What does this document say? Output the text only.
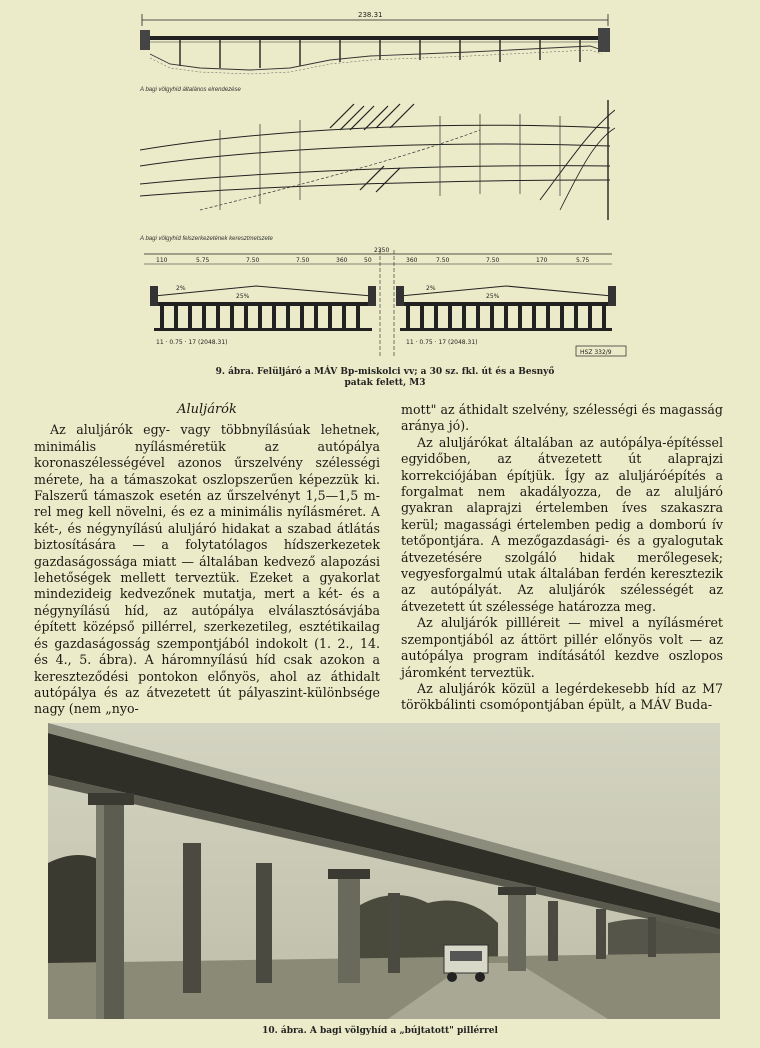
238.31
A bagi völgyhíd általános elrendezése
A bagi völgyhíd felszerkezetének keresztmetszete
2350
110	5.75	7.50	7.50	360	50	360	7.50	7.50	170	5.75
25%	25%
2%	2%
11 · 0.75 · 17 (2048.31)	11 · 0.75 · 17 (2048.31)
HSZ 332/9
9. ábra. Felüljáró a MÁV Bp-miskolci vv; a 30 sz. fkl. út és a Besnyő
patak felett, M3
Aluljárók

Az aluljárók egy- vagy többnyílásúak lehetnek, minimális nyílásméretük az autópálya koronaszélességével azonos űrszelvény szélességi mérete, ha a támaszokat oszlopszerűen képezzük ki. Falszerű támaszok esetén az űrszelvényt 1,5—1,5 m-rel meg kell növelni, és ez a minimális nyílásméret. A két-, és négynyílású aluljáró hidakat a szabad átlátás biztosítására — a folytatólagos hídszerkezetek gazdaságossága miatt — általában kedvező alapozási lehetőségek mellett terveztük. Ezeket a gyakorlat mindezideig kedvezőnek mutatja, mert a két- és a négynyílású híd, az autópálya elválasztósávjába épített középső pillérrel, szerkezetileg, esztétikailag és gazdaságosság szempontjából indokolt (1. 2., 14. és 4., 5. ábra). A háromnyílású híd csak azokon a kereszteződési pontokon előnyös, ahol az áthidalt autópálya és az átvezetett út pályaszint-különbsége nagy (nem „nyo-

mott" az áthidalt szelvény, szélességi és magasság aránya jó).

Az aluljárókat általában az autópálya-építéssel egyidőben, az átvezetett út alaprajzi korrekciójában építjük. Így az aluljáróépítés a forgalmat nem akadályozza, de az aluljáró gyakran alaprajzi értelemben íves szakaszra kerül; magassági értelemben pedig a domború ív tetőpontjára. A mezőgazdasági- és a gyalogutak átvezetésére szolgáló hidak merőlegesek; vegyesforgalmú utak általában ferdén keresztezik az autópályát. Az aluljárók szélességét az átvezetett út szélessége határozza meg.

Az aluljárók pillléreit — mivel a nyílásméret szempontjából az áttört pillér előnyös volt — az autópálya program indításától kezdve oszlopos járomként terveztük.

Az aluljárók közül a legérdekesebb híd az M7 törökbálinti csomópontjában épült, a MÁV Buda-

10. ábra. A bagi völgyhíd a „bújtatott" pillérrel
